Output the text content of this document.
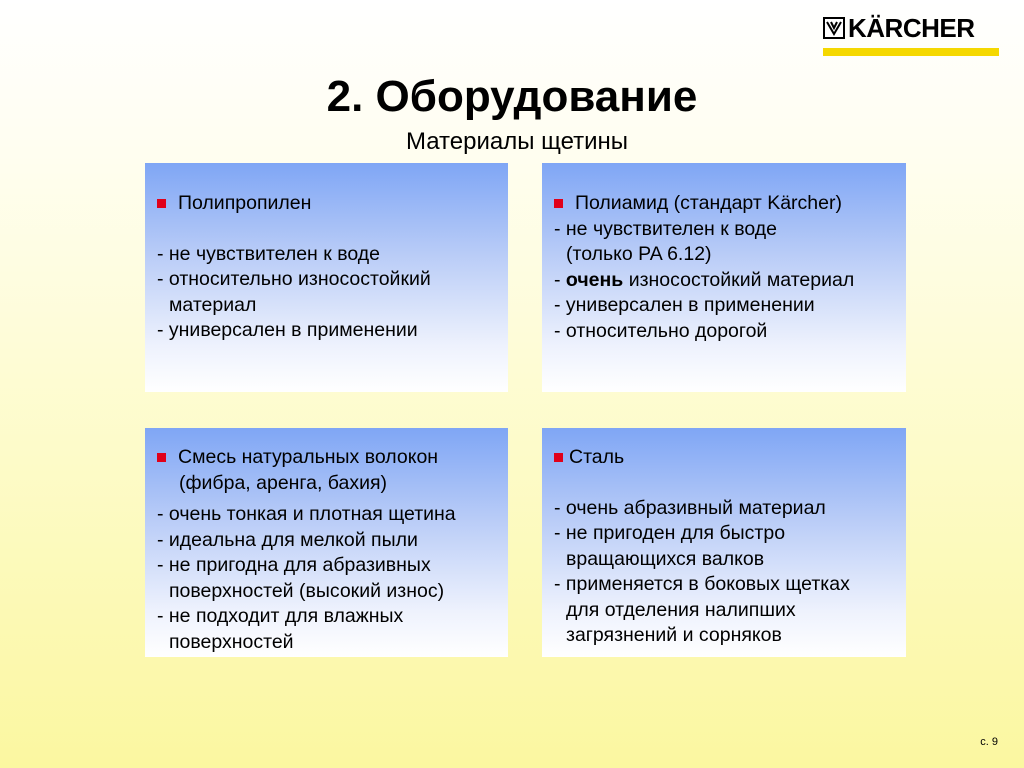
KÄRCHER
2. Оборудование
Материалы щетины
Полипропилен
- не чувствителен к воде
- относительно износостойкий
материал
- универсален в применении
Полиамид (стандарт Kärcher)
- не чувствителен к воде
(только PA 6.12)
- очень износостойкий материал
- универсален в применении
- относительно дорогой
Смесь натуральных волокон
(фибра, аренга, бахия)
- очень тонкая и плотная щетина
- идеальна для мелкой пыли
- не пригодна для абразивных
поверхностей (высокий износ)
- не подходит для влажных
поверхностей
Сталь
- очень абразивный материал
- не пригоден для быстро
вращающихся валков
- применяется в боковых щетках
для отделения налипших
загрязнений и сорняков
с. 9
